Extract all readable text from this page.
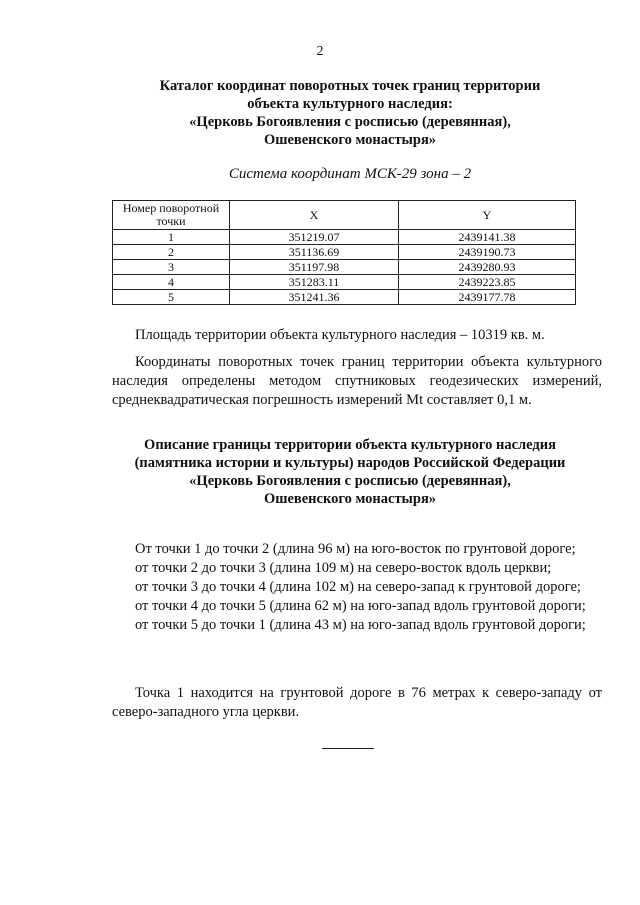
2
Каталог координат поворотных точек границ территории
объекта культурного наследия:
«Церковь Богоявления с росписью (деревянная),
Ошевенского монастыря»
Система координат МСК-29 зона – 2
Номер поворотной точки	X	Y
1	351219.07	2439141.38
2	351136.69	2439190.73
3	351197.98	2439280.93
4	351283.11	2439223.85
5	351241.36	2439177.78
Площадь территории объекта культурного наследия – 10319 кв. м.
Координаты поворотных точек границ территории объекта культурного наследия определены методом спутниковых геодезических измерений, среднеквадратическая погрешность измерений Mt составляет 0,1 м.
Описание границы территории объекта культурного наследия
(памятника истории и культуры) народов Российской Федерации
«Церковь Богоявления с росписью (деревянная),
Ошевенского монастыря»

От точки 1 до точки 2 (длина 96 м) на юго-восток по грунтовой дороге;

от точки 2 до точки 3 (длина 109 м) на северо-восток вдоль церкви;

от точки 3 до точки 4 (длина 102 м) на северо-запад к грунтовой дороге;

от точки 4 до точки 5 (длина 62 м) на юго-запад вдоль грунтовой дороги;

от точки 5 до точки 1 (длина 43 м) на юго-запад вдоль грунтовой дороги;

Точка 1 находится на грунтовой дороге в 76 метрах к северо-западу от северо-западного угла церкви.
